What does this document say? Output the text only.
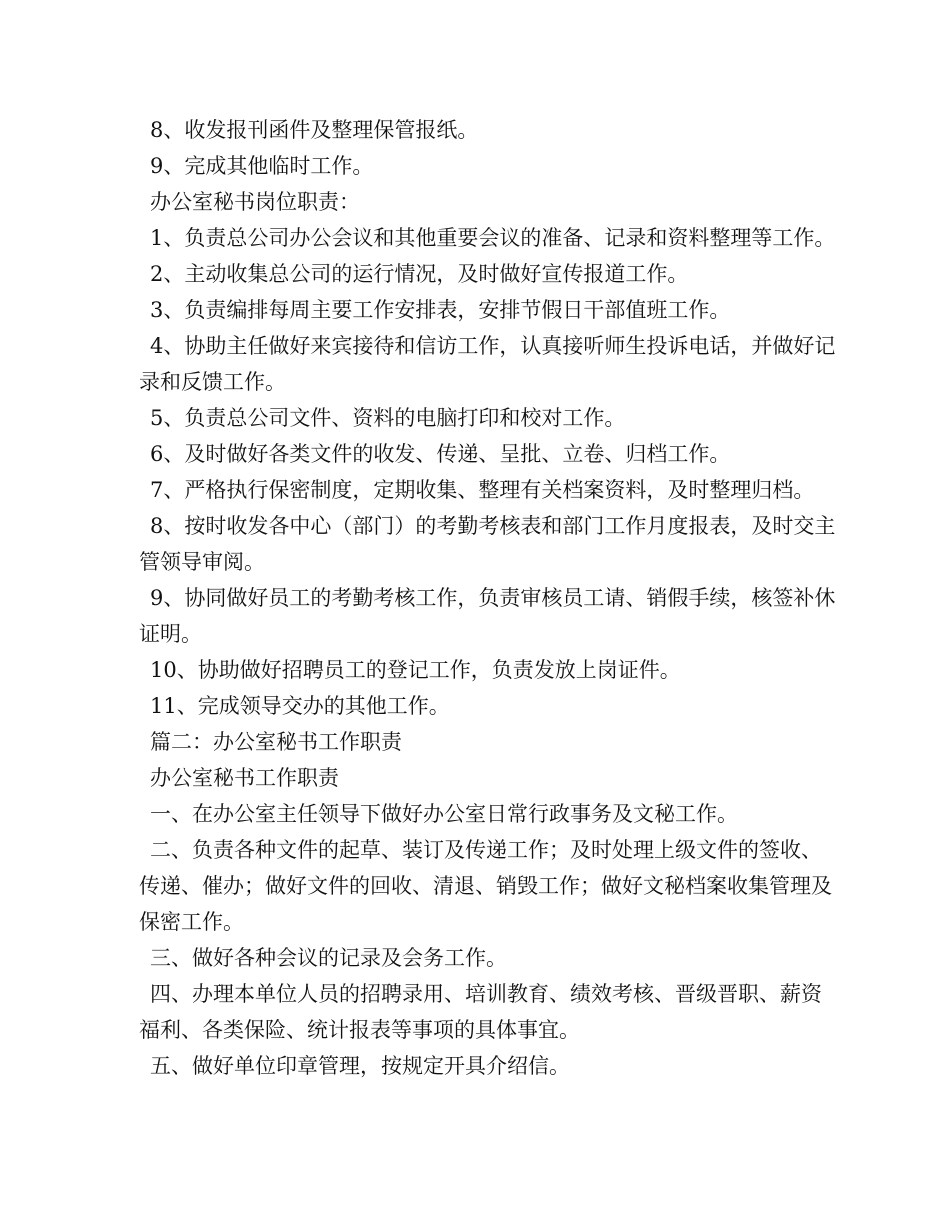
8、收发报刊函件及整理保管报纸。

9、完成其他临时工作。

办公室秘书岗位职责：

1、负责总公司办公会议和其他重要会议的准备、记录和资料整理等工作。

2、主动收集总公司的运行情况，及时做好宣传报道工作。

3、负责编排每周主要工作安排表，安排节假日干部值班工作。

4、协助主任做好来宾接待和信访工作，认真接听师生投诉电话，并做好记录和反馈工作。

5、负责总公司文件、资料的电脑打印和校对工作。

6、及时做好各类文件的收发、传递、呈批、立卷、归档工作。

7、严格执行保密制度，定期收集、整理有关档案资料，及时整理归档。

8、按时收发各中心（部门）的考勤考核表和部门工作月度报表，及时交主管领导审阅。

9、协同做好员工的考勤考核工作，负责审核员工请、销假手续，核签补休证明。

10、协助做好招聘员工的登记工作，负责发放上岗证件。

11、完成领导交办的其他工作。

篇二：办公室秘书工作职责

办公室秘书工作职责

一、在办公室主任领导下做好办公室日常行政事务及文秘工作。

二、负责各种文件的起草、装订及传递工作；及时处理上级文件的签收、传递、催办；做好文件的回收、清退、销毁工作；做好文秘档案收集管理及保密工作。

三、做好各种会议的记录及会务工作。

四、办理本单位人员的招聘录用、培训教育、绩效考核、晋级晋职、薪资福利、各类保险、统计报表等事项的具体事宜。

五、做好单位印章管理，按规定开具介绍信。
